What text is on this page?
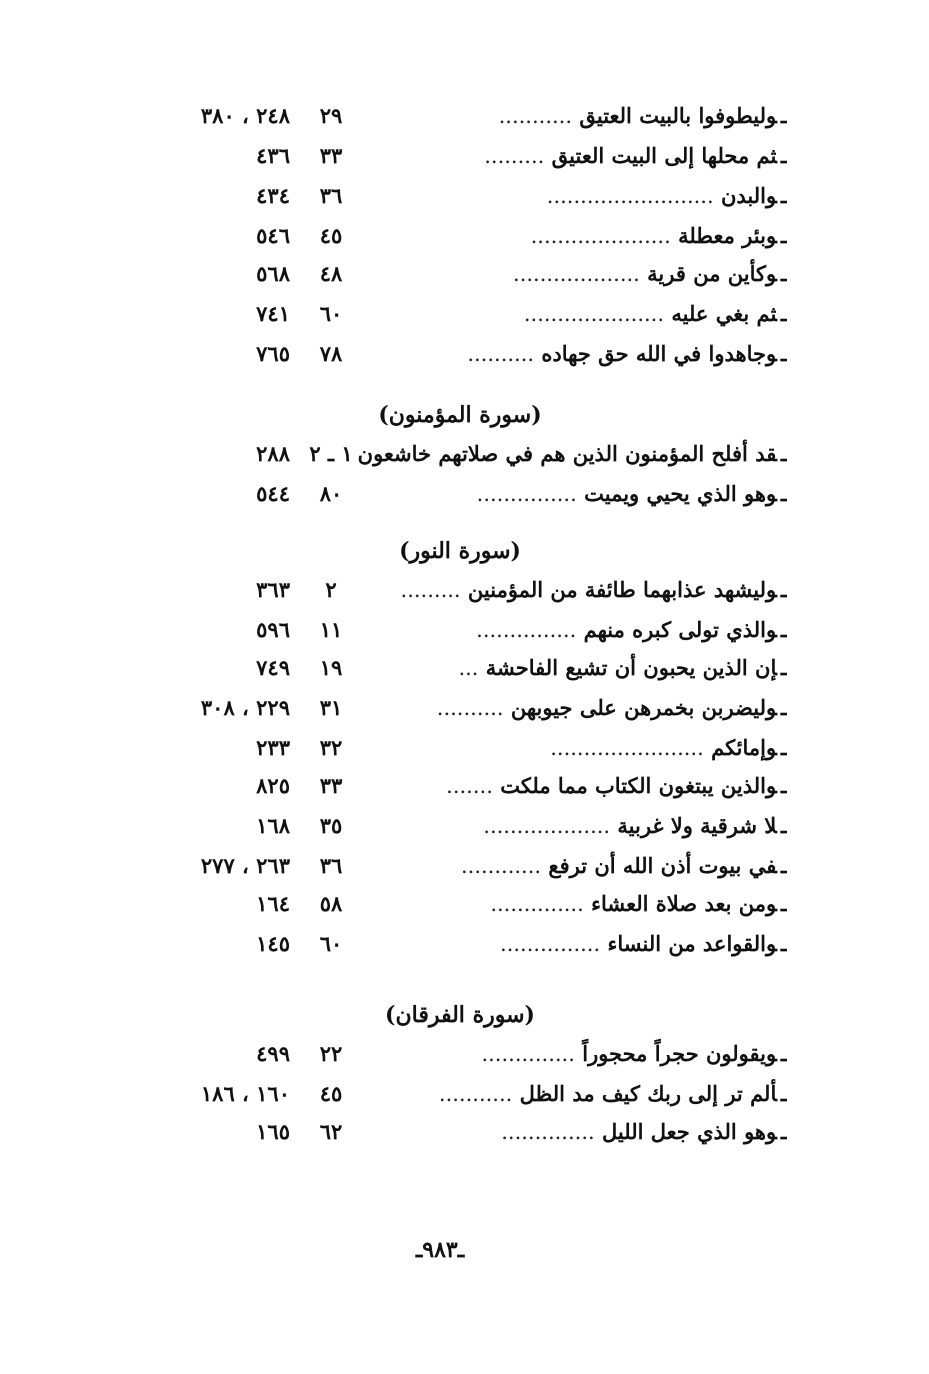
ـوليطوفوا بالبيت العتيق ...........
٢٩
٢٤٨ ، ٣٨٠
ـثم محلها إلى البيت العتيق .........
٣٣
٤٣٦
ـوالبدن .........................
٣٦
٤٣٤
ـوبئر معطلة .....................
٤٥
٥٤٦
ـوكأين من قرية ...................
٤٨
٥٦٨
ـثم بغي عليه .....................
٦٠
٧٤١
ـوجاهدوا في الله حق جهاده ..........
٧٨
٧٦٥
(سورة المؤمنون)
ـقد أفلح المؤمنون الذين هم في صلاتهم خاشعون
١ ـ ٢
٢٨٨
ـوهو الذي يحيي ويميت ...............
٨٠
٥٤٤
(سورة النور)
ـوليشهد عذابهما طائفة من المؤمنين .........
٢
٣٦٣
ـوالذي تولى كبره منهم ...............
١١
٥٩٦
ـإن الذين يحبون أن تشيع الفاحشة ...
١٩
٧٤٩
ـوليضربن بخمرهن على جيوبهن ..........
٣١
٢٢٩ ، ٣٠٨
ـوإمائكم .......................
٣٢
٢٣٣
ـوالذين يبتغون الكتاب مما ملكت .......
٣٣
٨٢٥
ـلا شرقية ولا غربية ...................
٣٥
١٦٨
ـفي بيوت أذن الله أن ترفع ............
٣٦
٢٦٣ ، ٢٧٧
ـومن بعد صلاة العشاء ..............
٥٨
١٦٤
ـوالقواعد من النساء ...............
٦٠
١٤٥
(سورة الفرقان)
ـويقولون حجراً محجوراً ..............
٢٢
٤٩٩
ـألم تر إلى ربك كيف مد الظل ...........
٤٥
١٦٠ ، ١٨٦
ـوهو الذي جعل الليل ..............
٦٢
١٦٥
ـ٩٨٣ـ
